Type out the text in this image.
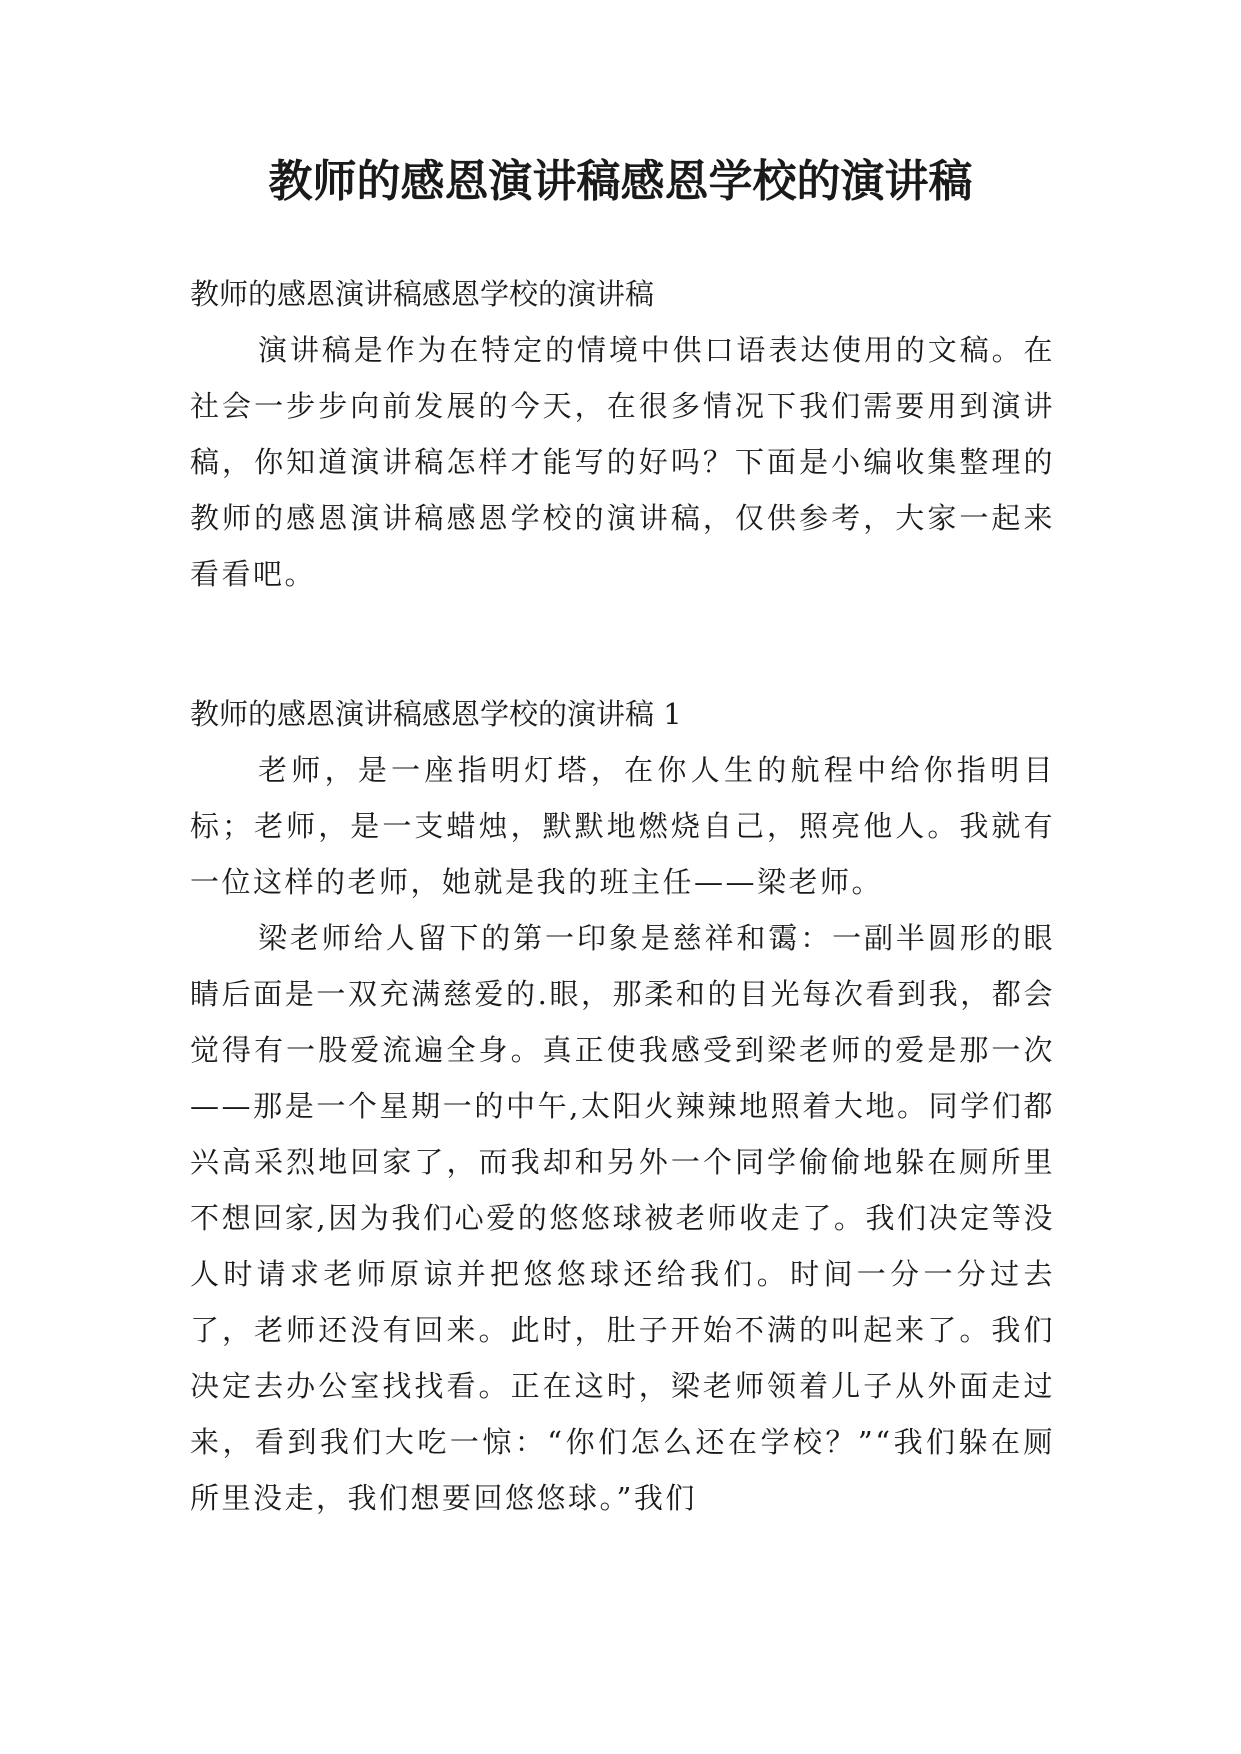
教师的感恩演讲稿感恩学校的演讲稿

教师的感恩演讲稿感恩学校的演讲稿

演讲稿是作为在特定的情境中供口语表达使用的文稿。在社会一步步向前发展的今天，在很多情况下我们需要用到演讲稿，你知道演讲稿怎样才能写的好吗？下面是小编收集整理的教师的感恩演讲稿感恩学校的演讲稿，仅供参考，大家一起来看看吧。

教师的感恩演讲稿感恩学校的演讲稿 1

老师，是一座指明灯塔，在你人生的航程中给你指明目标；老师，是一支蜡烛，默默地燃烧自己，照亮他人。我就有一位这样的老师，她就是我的班主任——梁老师。

梁老师给人留下的第一印象是慈祥和霭：一副半圆形的眼睛后面是一双充满慈爱的.眼，那柔和的目光每次看到我，都会觉得有一股爱流遍全身。真正使我感受到梁老师的爱是那一次——那是一个星期一的中午,太阳火辣辣地照着大地。同学们都兴高采烈地回家了，而我却和另外一个同学偷偷地躲在厕所里不想回家,因为我们心爱的悠悠球被老师收走了。我们决定等没人时请求老师原谅并把悠悠球还给我们。时间一分一分过去了，老师还没有回来。此时，肚子开始不满的叫起来了。我们决定去办公室找找看。正在这时，梁老师领着儿子从外面走过来，看到我们大吃一惊：“你们怎么还在学校？”“我们躲在厕所里没走，我们想要回悠悠球。”我们
